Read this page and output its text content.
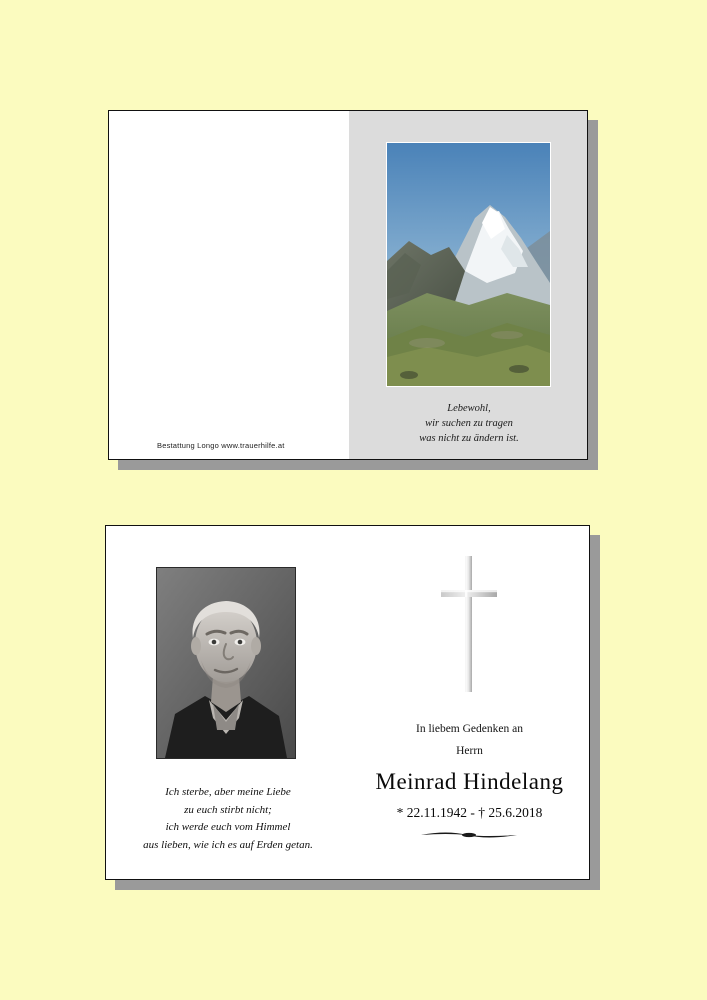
Bestattung Longo www.trauerhilfe.at
Lebewohl,
wir suchen zu tragen
was nicht zu ändern ist.
Ich sterbe, aber meine Liebe
zu euch stirbt nicht;
ich werde euch vom Himmel
aus lieben, wie ich es auf Erden getan.
In liebem Gedenken an
Herrn
Meinrad Hindelang
* 22.11.1942 - † 25.6.2018
